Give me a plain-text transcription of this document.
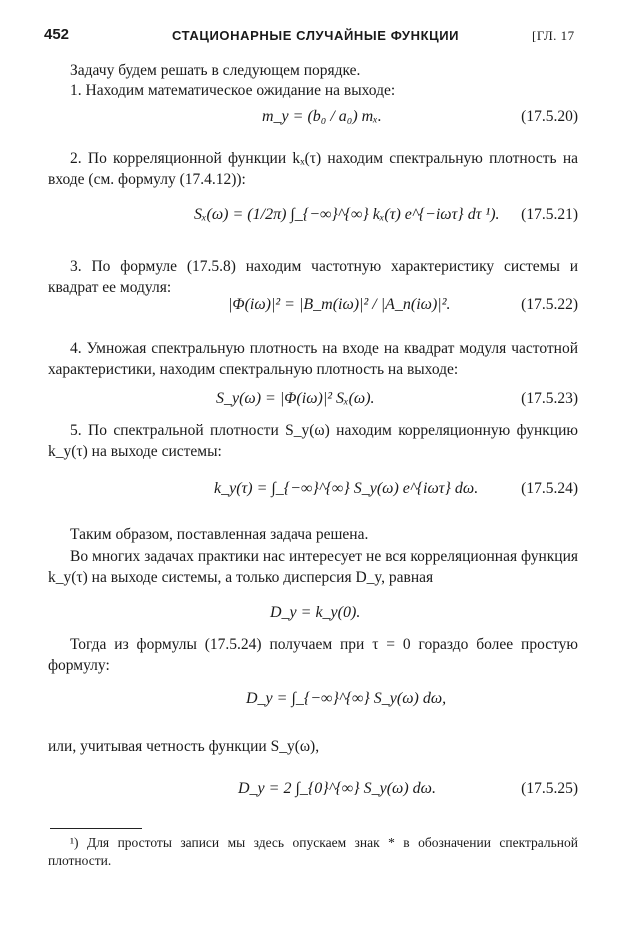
452	СТАЦИОНАРНЫЕ СЛУЧАЙНЫЕ ФУНКЦИИ	[ГЛ. 17
Задачу будем решать в следующем порядке.
1. Находим математическое ожидание на выходе:
m_y = (b₀ / a₀) mₓ.	(17.5.20)
2. По корреляционной функции kₓ(τ) находим спектральную плотность на входе (см. формулу (17.4.12)):
Sₓ(ω) = (1/2π) ∫_{−∞}^{∞} kₓ(τ) e^{−iωτ} dτ ¹).	(17.5.21)
3. По формуле (17.5.8) находим частотную характеристику системы и квадрат ее модуля:
|Φ(iω)|² = |B_m(iω)|² / |A_n(iω)|².	(17.5.22)
4. Умножая спектральную плотность на входе на квадрат модуля частотной характеристики, находим спектральную плотность на выходе:
S_y(ω) = |Φ(iω)|² Sₓ(ω).	(17.5.23)
5. По спектральной плотности S_y(ω) находим корреляционную функцию k_y(τ) на выходе системы:
k_y(τ) = ∫_{−∞}^{∞} S_y(ω) e^{iωτ} dω.	(17.5.24)
Таким образом, поставленная задача решена.
Во многих задачах практики нас интересует не вся корреляционная функция k_y(τ) на выходе системы, а только дисперсия D_y, равная
D_y = k_y(0).
Тогда из формулы (17.5.24) получаем при τ = 0 гораздо более простую формулу:
D_y = ∫_{−∞}^{∞} S_y(ω) dω,
или, учитывая четность функции S_y(ω),
D_y = 2 ∫_{0}^{∞} S_y(ω) dω.	(17.5.25)
¹) Для простоты записи мы здесь опускаем знак * в обозначении спектральной плотности.
